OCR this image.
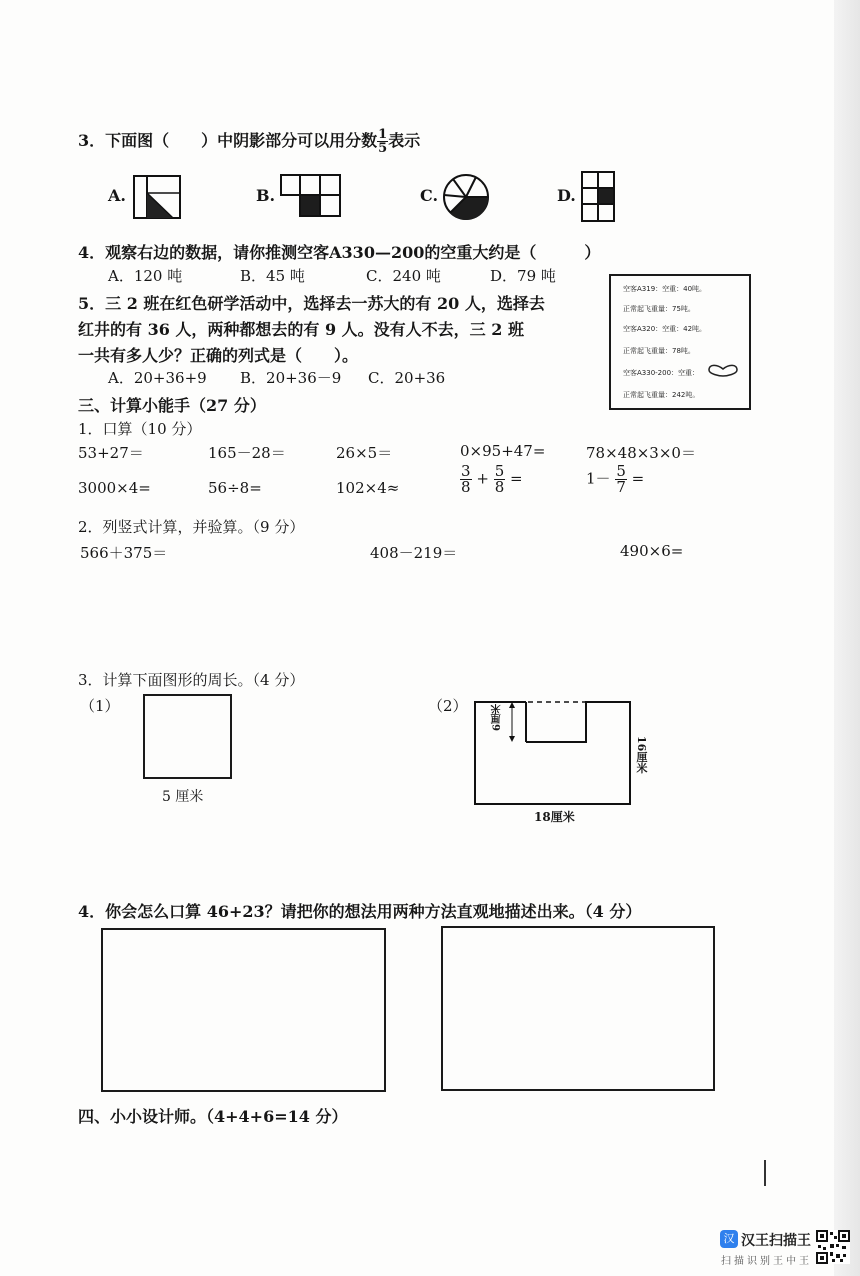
3．下面图（　　）中阴影部分可以用分数 $\frac{1}{5}$ 表示
A.	B.	C.	D.
4．观察右边的数据，请你推测空客A330—200的空重大约是（　　　）
A．120 吨	B．45 吨	C．240 吨	D．79 吨
空客A319：空重：40吨。
正常起飞重量：75吨。
空客A320：空重：42吨。
正常起飞重量：78吨。
空客A330-200：空重：
正常起飞重量：242吨。
5．三 2 班在红色研学活动中，选择去一苏大的有 20 人，选择去
红井的有 36 人，两种都想去的有 9 人。没有人不去，三 2 班
一共有多人少？正确的列式是（　　）。
A．20+36+9 B．20+36－9 C．20+36
三、计算小能手（27 分）
1．口算（10 分）
53+27＝	165－28＝	26×5＝	0×95+47=	78×48×3×0＝
3000×4=	56÷8=	102×4≈	$\frac{3}{8} + \frac{5}{8}$ =	$1- \frac{5}{7}$ =
2．列竖式计算，并验算。（9 分）
566＋375＝	408－219＝	490×6=
3．计算下面图形的周长。（4 分）
（1）
5 厘米
（2） 6厘米
16厘米
18厘米
4．你会怎么口算 46+23？请把你的想法用两种方法直观地描述出来。（4 分）
四、小小设计师。（4+4+6=14 分）
汉 汉王扫描王
扫描识别王中王
